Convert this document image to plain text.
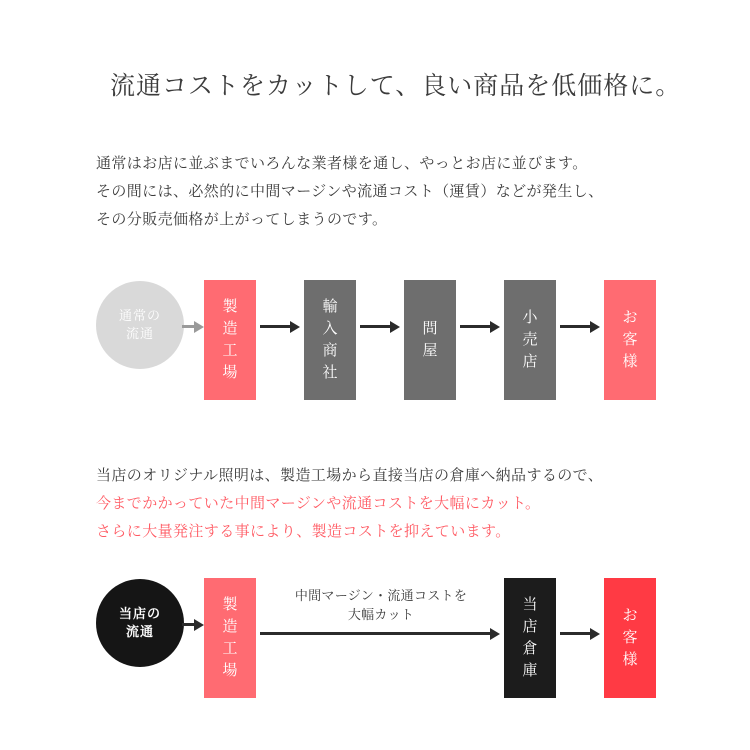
流通コストをカットして、良い商品を低価格に。
通常はお店に並ぶまでいろんな業者様を通し、やっとお店に並びます。
その間には、必然的に中間マージンや流通コスト（運賃）などが発生し、
その分販売価格が上がってしまうのです。
通常の
流通
製造工場
輸入商社
問屋
小売店
お客様
当店のオリジナル照明は、製造工場から直接当店の倉庫へ納品するので、
今までかかっていた中間マージンや流通コストを大幅にカット。
さらに大量発注する事により、製造コストを抑えています。
当店の
流通
製造工場
中間マージン・流通コストを
大幅カット
当店倉庫
お客様
